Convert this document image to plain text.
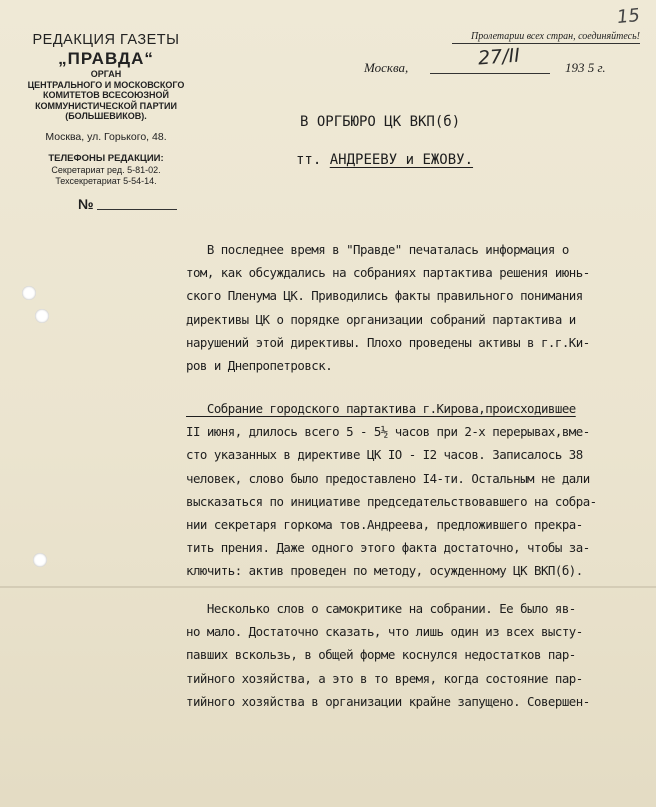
15
РЕДАКЦИЯ ГАЗЕТЫ
„ПРАВДА“
ОРГАН
ЦЕНТРАЛЬНОГО И МОСКОВСКОГО
КОМИТЕТОВ ВСЕСОЮЗНОЙ
КОММУНИСТИЧЕСКОЙ ПАРТИИ
(БОЛЬШЕВИКОВ).
Москва, ул. Горького, 48.
ТЕЛЕФОНЫ РЕДАКЦИИ:
Секретариат ред. 5-81-02.
Техсекретариат 5-54-14.
№
Пролетарии всех стран, соединяйтесь!
Москва,	27/II	193 5 г.
В ОРГБЮРО ЦК ВКП(б)
тт. АНДРЕЕВУ и ЕЖОВУ.
В последнее время в "Правде" печаталась информация о
том, как обсуждались на собраниях партактива решения июнь-
ского Пленума ЦК. Приводились факты правильного понимания
директивы ЦК о порядке организации собраний партактива и
нарушений этой директивы. Плохо проведены активы в г.г.Ки-
ров и Днепропетровск.
Собрание городского партактива г.Кирова,происходившее
II июня, длилось всего 5 - 5½ часов при 2-х перерывах,вме-
сто указанных в директиве ЦК IO - I2 часов. Записалось 38
человек, слово было предоставлено I4-ти. Остальным не дали
высказаться по инициативе председательствовавшего на собра-
нии секретаря горкома тов.Андреева, предложившего прекра-
тить прения. Даже одного этого факта достаточно, чтобы за-
ключить: актив проведен по методу, осужденному ЦК ВКП(б).
Несколько слов о самокритике на собрании. Ее было яв-
но мало. Достаточно сказать, что лишь один из всех высту-
павших вскользь, в общей форме коснулся недостатков пар-
тийного хозяйства, а это в то время, когда состояние пар-
тийного хозяйства в организации крайне запущено. Совершен-
